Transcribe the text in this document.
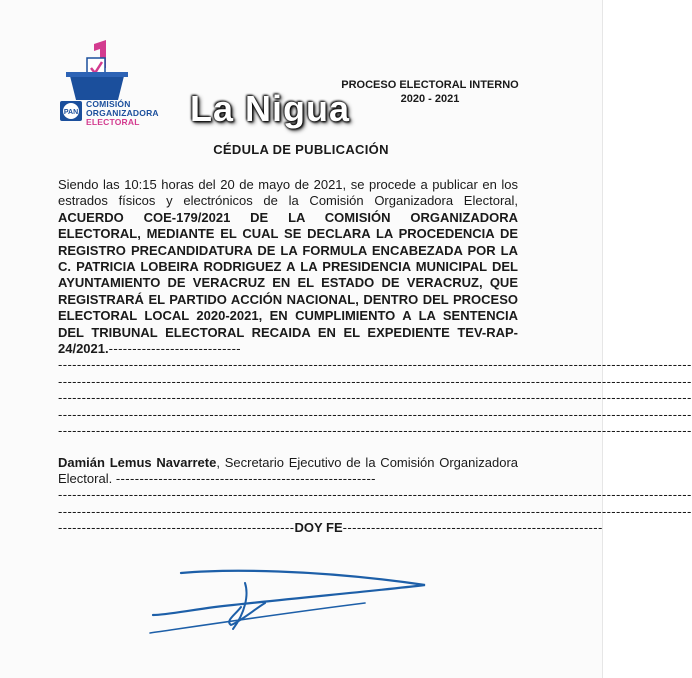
PAN
COMISIÓN
ORGANIZADORA
ELECTORAL	La Nigua
PROCESO ELECTORAL INTERNO
2020 - 2021
CÉDULA DE PUBLICACIÓN

Siendo las 10:15 horas del 20 de mayo de 2021, se procede a publicar en los estrados físicos y electrónicos de la Comisión Organizadora Electoral, ACUERDO COE-179/2021 DE LA COMISIÓN ORGANIZADORA ELECTORAL, MEDIANTE EL CUAL SE DECLARA LA PROCEDENCIA DE REGISTRO PRECANDIDATURA DE LA FORMULA ENCABEZADA POR LA C. PATRICIA LOBEIRA RODRIGUEZ A LA PRESIDENCIA MUNICIPAL DEL AYUNTAMIENTO DE VERACRUZ EN EL ESTADO DE VERACRUZ, QUE REGISTRARÁ EL PARTIDO ACCIÓN NACIONAL, DENTRO DEL PROCESO ELECTORAL LOCAL 2020-2021, EN CUMPLIMIENTO A LA SENTENCIA DEL TRIBUNAL ELECTORAL RECAIDA EN EL EXPEDIENTE TEV-RAP-24/2021.----------------------------

-----
-----
-----
-----
-----

Damián Lemus Navarrete, Secretario Ejecutivo de la Comisión Organizadora Electoral. -------------------------------------------------------

-----
-----
--------------------------------------------------DOY FE-------------------------------------------------------
